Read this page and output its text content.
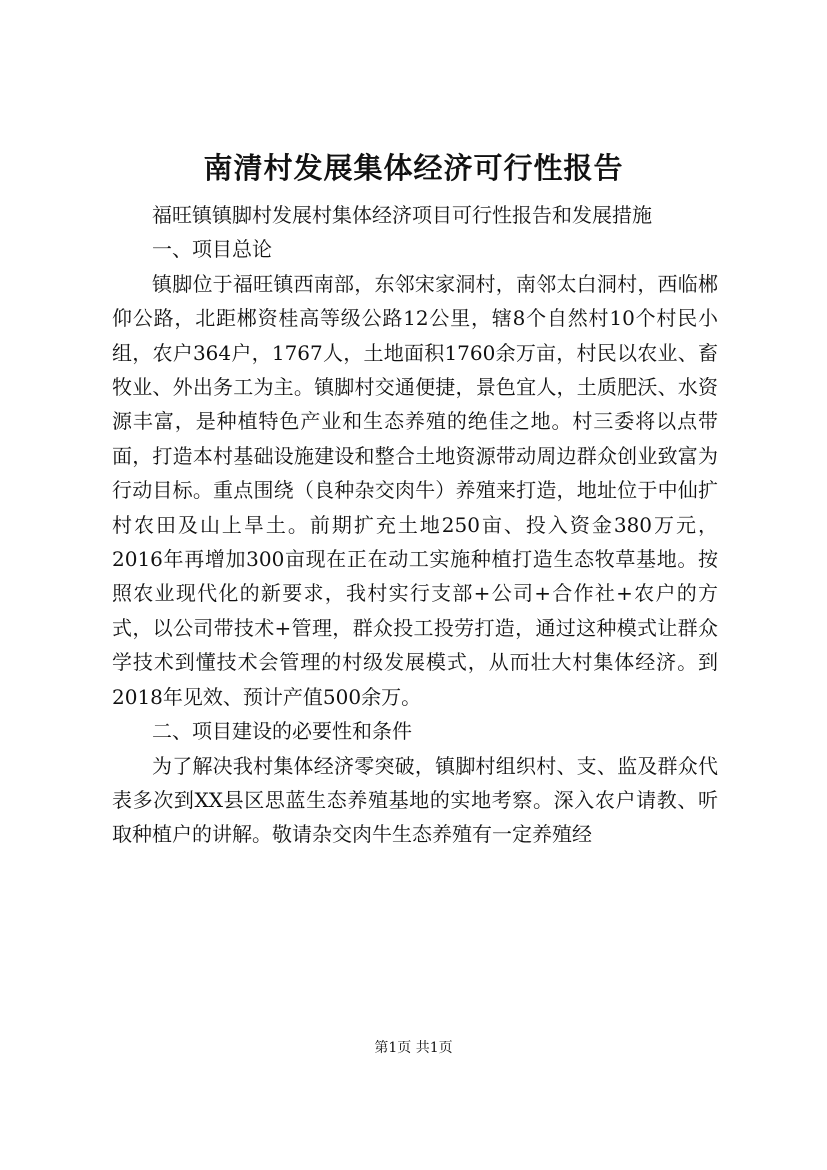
南清村发展集体经济可行性报告

福旺镇镇脚村发展村集体经济项目可行性报告和发展措施

一、项目总论

镇脚位于福旺镇西南部，东邻宋家洞村，南邻太白洞村，西临郴仰公路，北距郴资桂高等级公路12公里，辖8个自然村10个村民小组，农户364户，1767人，土地面积1760余万亩，村民以农业、畜牧业、外出务工为主。镇脚村交通便捷，景色宜人，土质肥沃、水资源丰富，是种植特色产业和生态养殖的绝佳之地。村三委将以点带面，打造本村基础设施建设和整合土地资源带动周边群众创业致富为行动目标。重点围绕（良种杂交肉牛）养殖来打造，地址位于中仙扩村农田及山上旱土。前期扩充土地250亩、投入资金380万元，2016年再增加300亩现在正在动工实施种植打造生态牧草基地。按照农业现代化的新要求，我村实行支部+公司+合作社+农户的方式，以公司带技术+管理，群众投工投劳打造，通过这种模式让群众学技术到懂技术会管理的村级发展模式，从而壮大村集体经济。到2018年见效、预计产值500余万。

二、项目建设的必要性和条件

为了解决我村集体经济零突破，镇脚村组织村、支、监及群众代表多次到XX县区思蓝生态养殖基地的实地考察。深入农户请教、听取种植户的讲解。敬请杂交肉牛生态养殖有一定养殖经

第1页 共1页
